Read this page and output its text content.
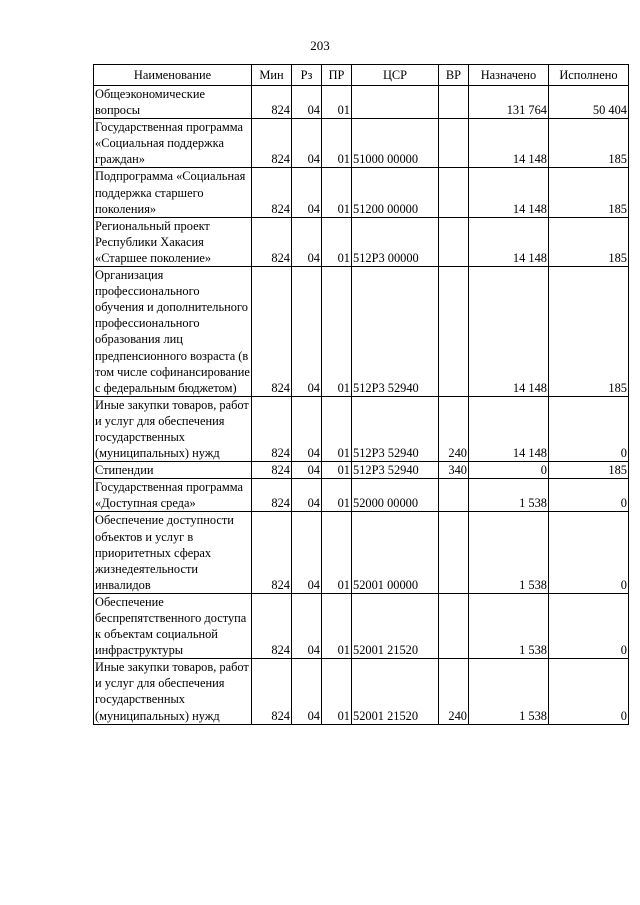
203
Наименование	Мин	Рз	ПР	ЦСР	ВР	Назначено	Исполнено
Общеэкономические вопросы	824	04	01			131 764	50 404
Государственная программа «Социальная поддержка граждан»	824	04	01	51000 00000		14 148	185
Подпрограмма «Социальная поддержка старшего поколения»	824	04	01	51200 00000		14 148	185
Региональный проект Республики Хакасия «Старшее поколение»	824	04	01	512Р3 00000		14 148	185
Организация профессионального обучения и дополнительного профессионального образования лиц предпенсионного возраста (в том числе софинансирование с федеральным бюджетом)	824	04	01	512Р3 52940		14 148	185
Иные закупки товаров, работ и услуг для обеспечения государственных (муниципальных) нужд	824	04	01	512Р3 52940	240	14 148	0
Стипендии	824	04	01	512Р3 52940	340	0	185
Государственная программа «Доступная среда»	824	04	01	52000 00000		1 538	0
Обеспечение доступности объектов и услуг в приоритетных сферах жизнедеятельности инвалидов	824	04	01	52001 00000		1 538	0
Обеспечение беспрепятственного доступа к объектам социальной инфраструктуры	824	04	01	52001 21520		1 538	0
Иные закупки товаров, работ и услуг для обеспечения государственных (муниципальных) нужд	824	04	01	52001 21520	240	1 538	0
